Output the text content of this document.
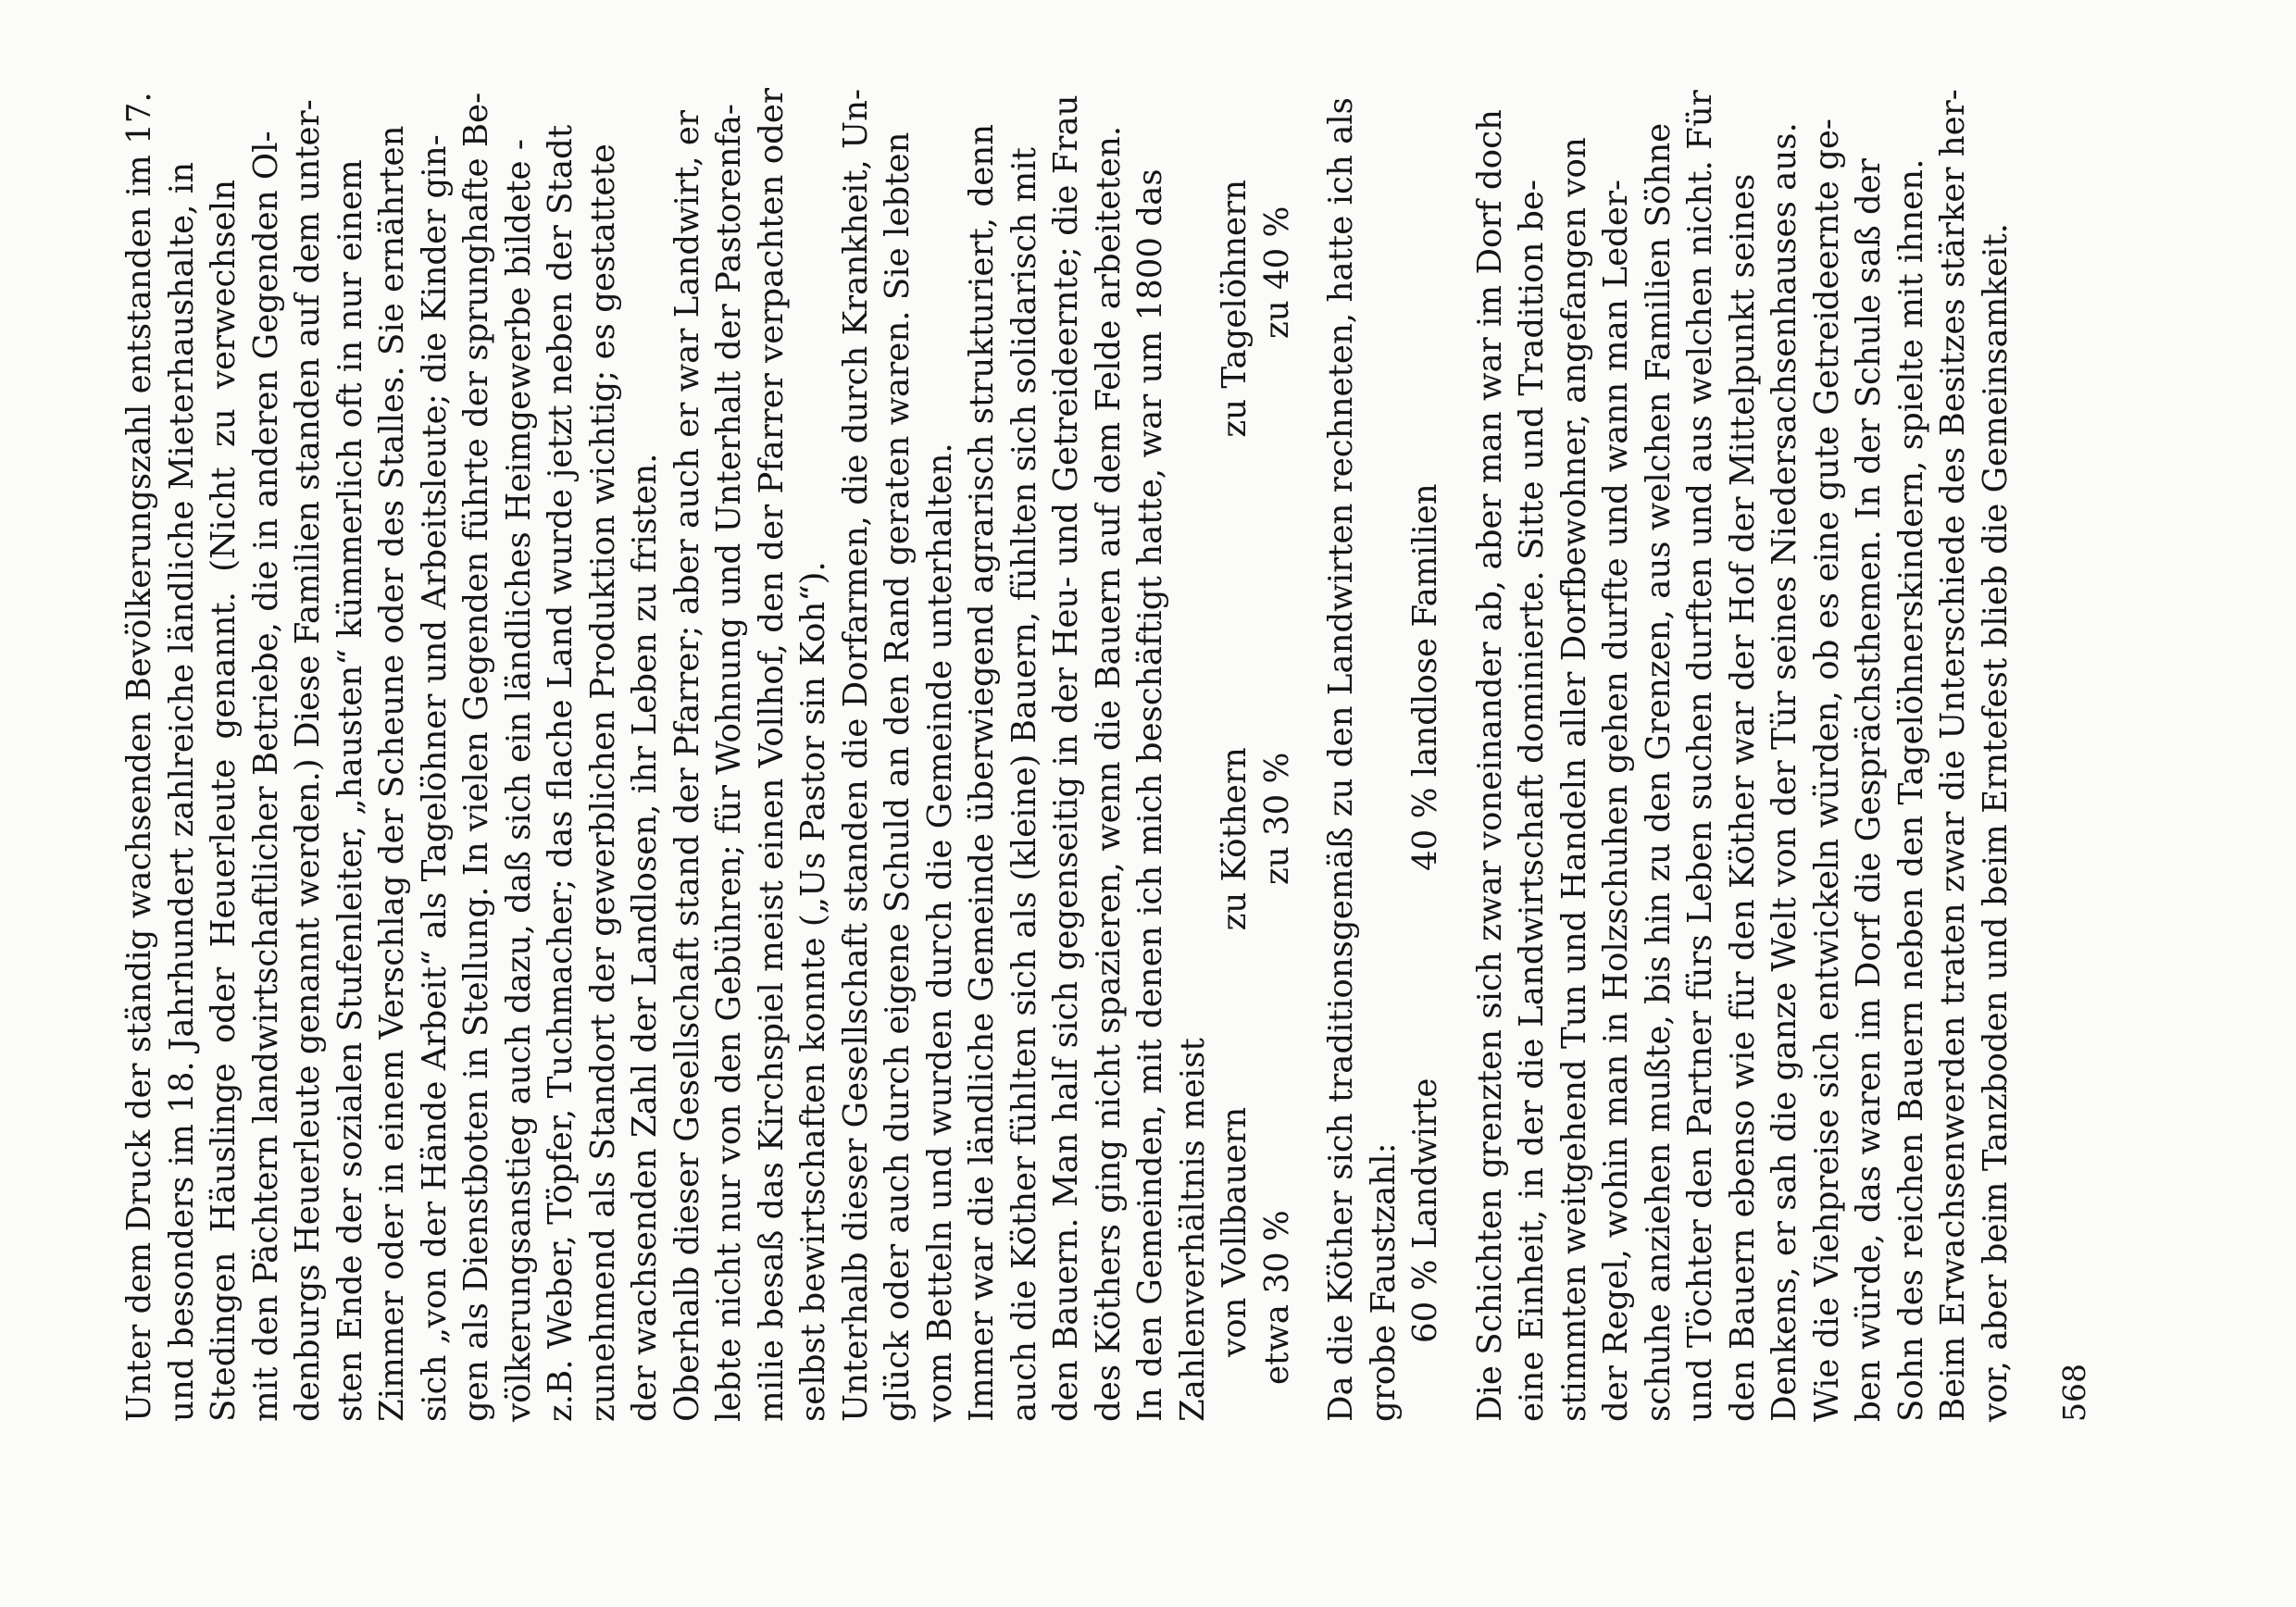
Unter dem Druck der ständig wachsenden Bevölkerungszahl entstanden im 17. und besonders im 18. Jahrhundert zahlreiche ländliche Mieterhaushalte, in Stedingen Häuslinge oder Heuerleute genannt. (Nicht zu verwechseln mit den Pächtern landwirtschaftlicher Betriebe, die in anderen Gegenden Ol- denburgs Heuerleute genannt werden.) Diese Familien standen auf dem unter- sten Ende der sozialen Stufenleiter, „hausten“ kümmerlich oft in nur einem Zimmer oder in einem Verschlag der Scheune oder des Stalles. Sie ernährten sich „von der Hände Arbeit“ als Tagelöhner und Arbeitsleute; die Kinder gin- gen als Dienstboten in Stellung. In vielen Gegenden führte der sprunghafte Be- völkerungsanstieg auch dazu, daß sich ein ländliches Heimgewerbe bildete - z.B. Weber, Töpfer, Tuchmacher; das flache Land wurde jetzt neben der Stadt zunehmend als Standort der gewerblichen Produktion wichtig; es gestattete der wachsenden Zahl der Landlosen, ihr Leben zu fristen. Oberhalb dieser Gesellschaft stand der Pfarrer; aber auch er war Landwirt, er lebte nicht nur von den Gebühren; für Wohnung und Unterhalt der Pastorenfa- milie besaß das Kirchspiel meist einen Vollhof, den der Pfarrer verpachten oder selbst bewirtschaften konnte („Us Pastor sin Koh“). Unterhalb dieser Gesellschaft standen die Dorfarmen, die durch Krankheit, Un- glück oder auch durch eigene Schuld an den Rand geraten waren. Sie lebten vom Betteln und wurden durch die Gemeinde unterhalten. Immer war die ländliche Gemeinde überwiegend agrarisch strukturiert, denn auch die Köther fühlten sich als (kleine) Bauern, fühlten sich solidarisch mit den Bauern. Man half sich gegenseitig in der Heu- und Getreideernte; die Frau des Köthers ging nicht spazieren, wenn die Bauern auf dem Felde arbeiteten. In den Gemeinden, mit denen ich mich beschäftigt hatte, war um 1800 das Zahlenverhältnis meist von Vollbauern
zu Köthern
zu Tagelöhnern
etwa 30 %
zu 30 %
zu 40 % Da die Köther sich traditionsgemäß zu den Landwirten rechneten, hatte ich als grobe Faustzahl: 60 % Landwirte
40 % landlose Familien Die Schichten grenzten sich zwar voneinander ab, aber man war im Dorf doch eine Einheit, in der die Landwirtschaft dominierte. Sitte und Tradition be- stimmten weitgehend Tun und Handeln aller Dorfbewohner, angefangen von der Regel, wohin man in Holzschuhen gehen durfte und wann man Leder- schuhe anziehen mußte, bis hin zu den Grenzen, aus welchen Familien Söhne und Töchter den Partner fürs Leben suchen durften und aus welchen nicht. Für den Bauern ebenso wie für den Köther war der Hof der Mittelpunkt seines Denkens, er sah die ganze Welt von der Tür seines Niedersachsenhauses aus. Wie die Viehpreise sich entwickeln würden, ob es eine gute Getreideernte ge- ben würde, das waren im Dorf die Gesprächsthemen. In der Schule saß der Sohn des reichen Bauern neben den Tagelöhnerskindern, spielte mit ihnen. Beim Erwachsenwerden traten zwar die Unterschiede des Besitzes stärker her- vor, aber beim Tanzboden und beim Erntefest blieb die Gemeinsamkeit. 568
